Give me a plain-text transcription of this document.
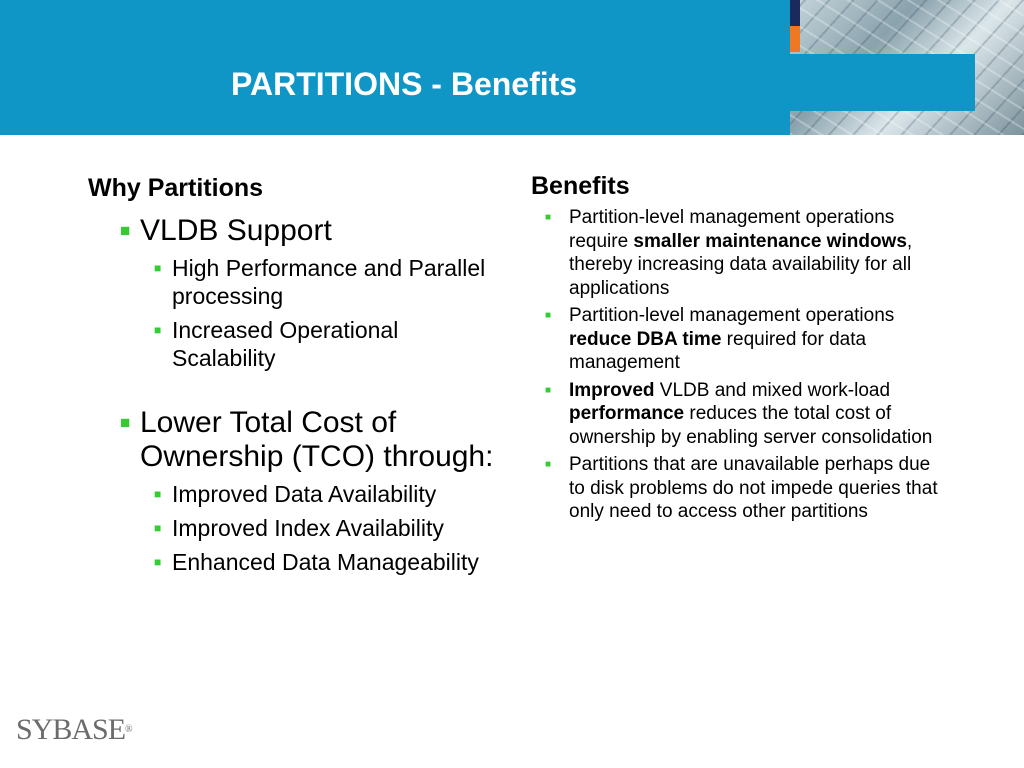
PARTITIONS - Benefits
Why Partitions
■ VLDB Support
■ High Performance and Parallel processing
■ Increased Operational Scalability
■ Lower Total Cost of Ownership (TCO) through:
■ Improved Data Availability
■ Improved Index Availability
■ Enhanced Data Manageability
Benefits
■ Partition-level management operations require smaller maintenance windows, thereby increasing data availability for all applications
■ Partition-level management operations reduce DBA time required for data management
■ Improved VLDB and mixed work-load performance reduces the total cost of ownership by enabling server consolidation
■ Partitions that are unavailable perhaps due to disk problems do not impede queries that only need to access other partitions
SYBASE®
